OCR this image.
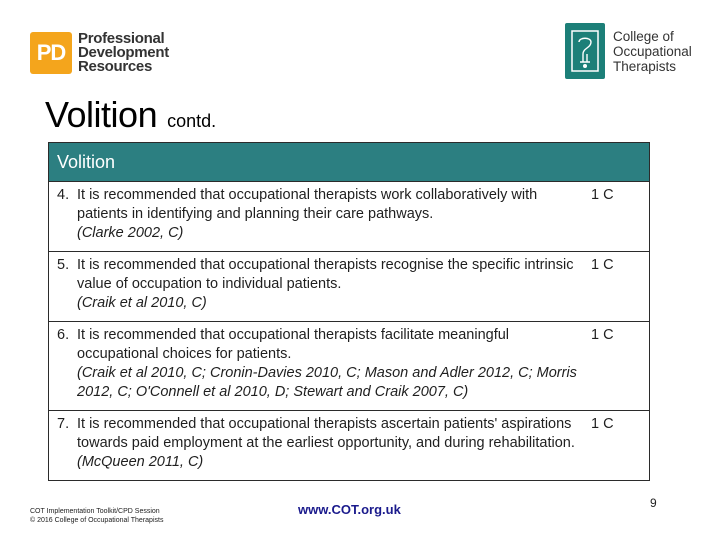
PD
Professional
Development
Resources
College of
Occupational
Therapists
Volition contd.
Volition
4. It is recommended that occupational therapists work collaboratively with patients in identifying and planning their care pathways.
(Clarke 2002, C)
1 C
5. It is recommended that occupational therapists recognise the specific intrinsic value of occupation to individual patients.
(Craik et al 2010, C)
1 C
6. It is recommended that occupational therapists facilitate meaningful occupational choices for patients.
(Craik et al 2010, C; Cronin-Davies 2010, C; Mason and Adler 2012, C; Morris 2012, C; O'Connell et al 2010, D; Stewart and Craik 2007, C)
1 C
7. It is recommended that occupational therapists ascertain patients' aspirations towards paid employment at the earliest opportunity, and during rehabilitation.
(McQueen 2011, C)
1 C
COT Implementation Toolkit/CPD Session
© 2016 College of Occupational Therapists
www.COT.org.uk	9
